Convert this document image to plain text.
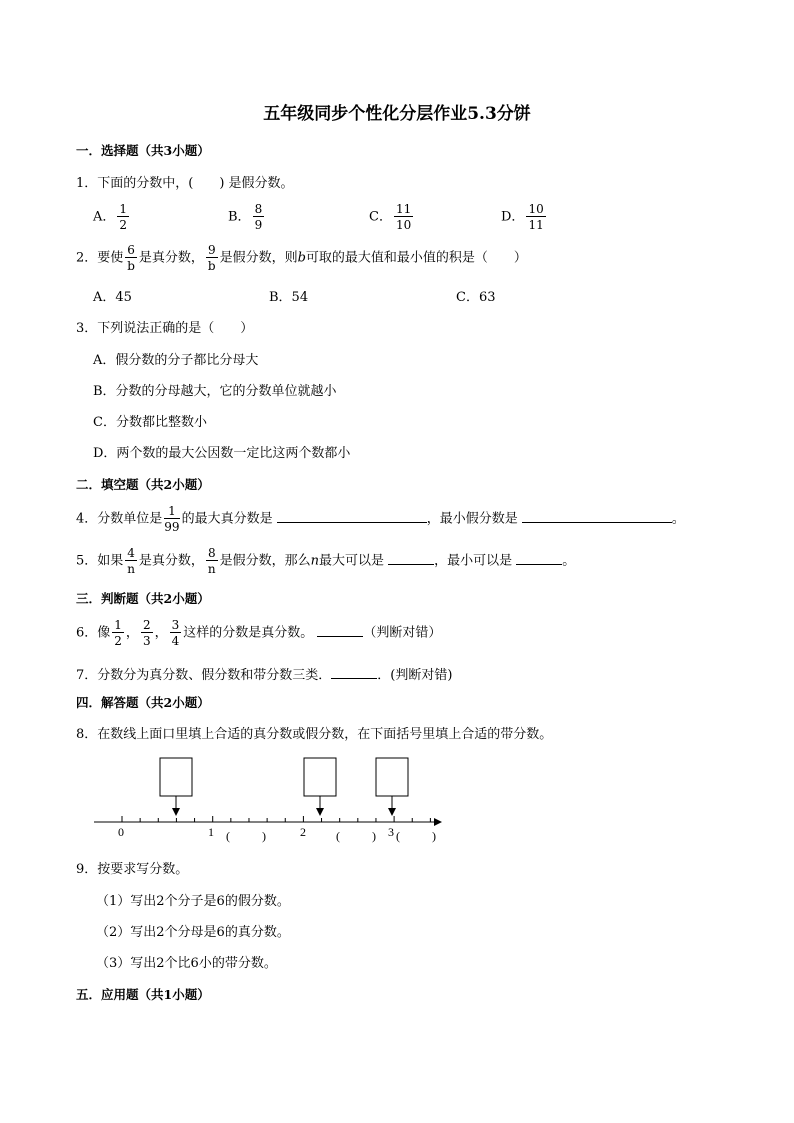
五年级同步个性化分层作业5.3分饼
一．选择题（共3小题）
1．下面的分数中，(　　) 是假分数。
A． $\frac{1}{2}$	B． $\frac{8}{9}$	C． $\frac{11}{10}$	D． $\frac{10}{11}$
2．要使 $\frac{6}{b}$ 是真分数， $\frac{9}{b}$ 是假分数，则b可取的最大值和最小值的积是（　　）
A．45	B．54	C．63
3．下列说法正确的是（　　）
A．假分数的分子都比分母大
B．分数的分母越大，它的分数单位就越小
C．分数都比整数小
D．两个数的最大公因数一定比这两个数都小
二．填空题（共2小题）
4．分数单位是 $\frac{1}{99}$ 的最大真分数是	，最小假分数是	。
5．如果 $\frac{4}{n}$ 是真分数， $\frac{8}{n}$ 是假分数，那么n最大可以是	，最小可以是	。
三．判断题（共2小题）
6．像 $\frac{1}{2}$ ， $\frac{2}{3}$ ， $\frac{3}{4}$ 这样的分数是真分数。	（判断对错）
7．分数分为真分数、假分数和带分数三类．	．(判断对错)
四．解答题（共2小题）
8．在数线上面口里填上合适的真分数或假分数，在下面括号里填上合适的带分数。
0	1	2	3
(	)	(	) (	)
9．按要求写分数。
（1）写出2个分子是6的假分数。
（2）写出2个分母是6的真分数。
（3）写出2个比6小的带分数。
五．应用题（共1小题）
